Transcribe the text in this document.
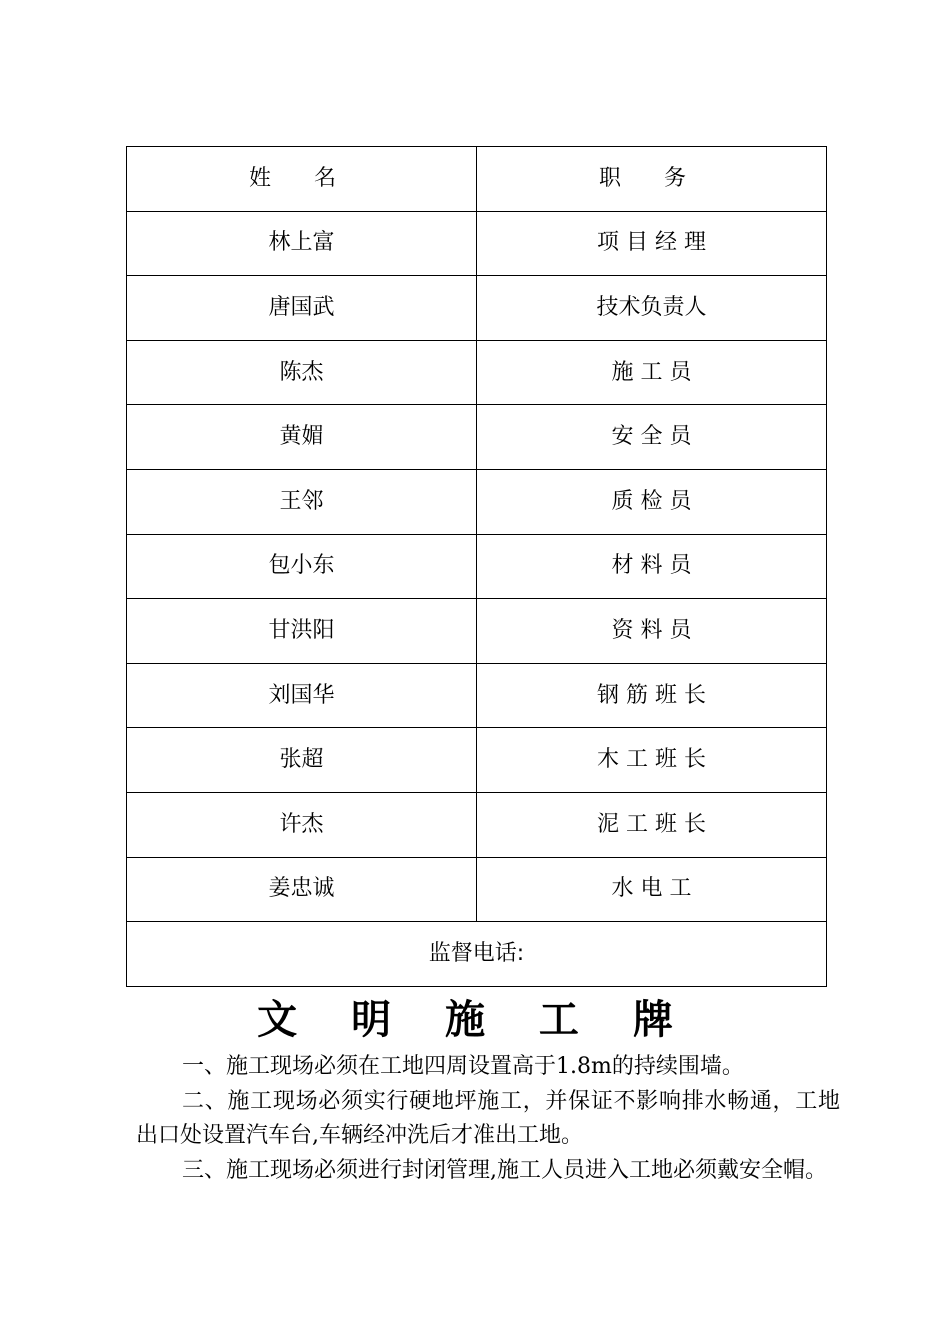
姓 名	职 务
林上富	项 目 经 理
唐国武	技术负责人
陈杰	施 工 员
黄媚	安 全 员
王邻	质 检 员
包小东	材 料 员
甘洪阳	资 料 员
刘国华	钢 筋 班 长
张超	木 工 班 长
许杰	泥 工 班 长
姜忠诚	水 电 工
监督电话:	
文 明 施 工 牌

一、施工现场必须在工地四周设置高于1.8m的持续围墙。

二、施工现场必须实行硬地坪施工，并保证不影响排水畅通，工地出口处设置汽车台,车辆经冲洗后才准出工地。

三、施工现场必须进行封闭管理,施工人员进入工地必须戴安全帽。
